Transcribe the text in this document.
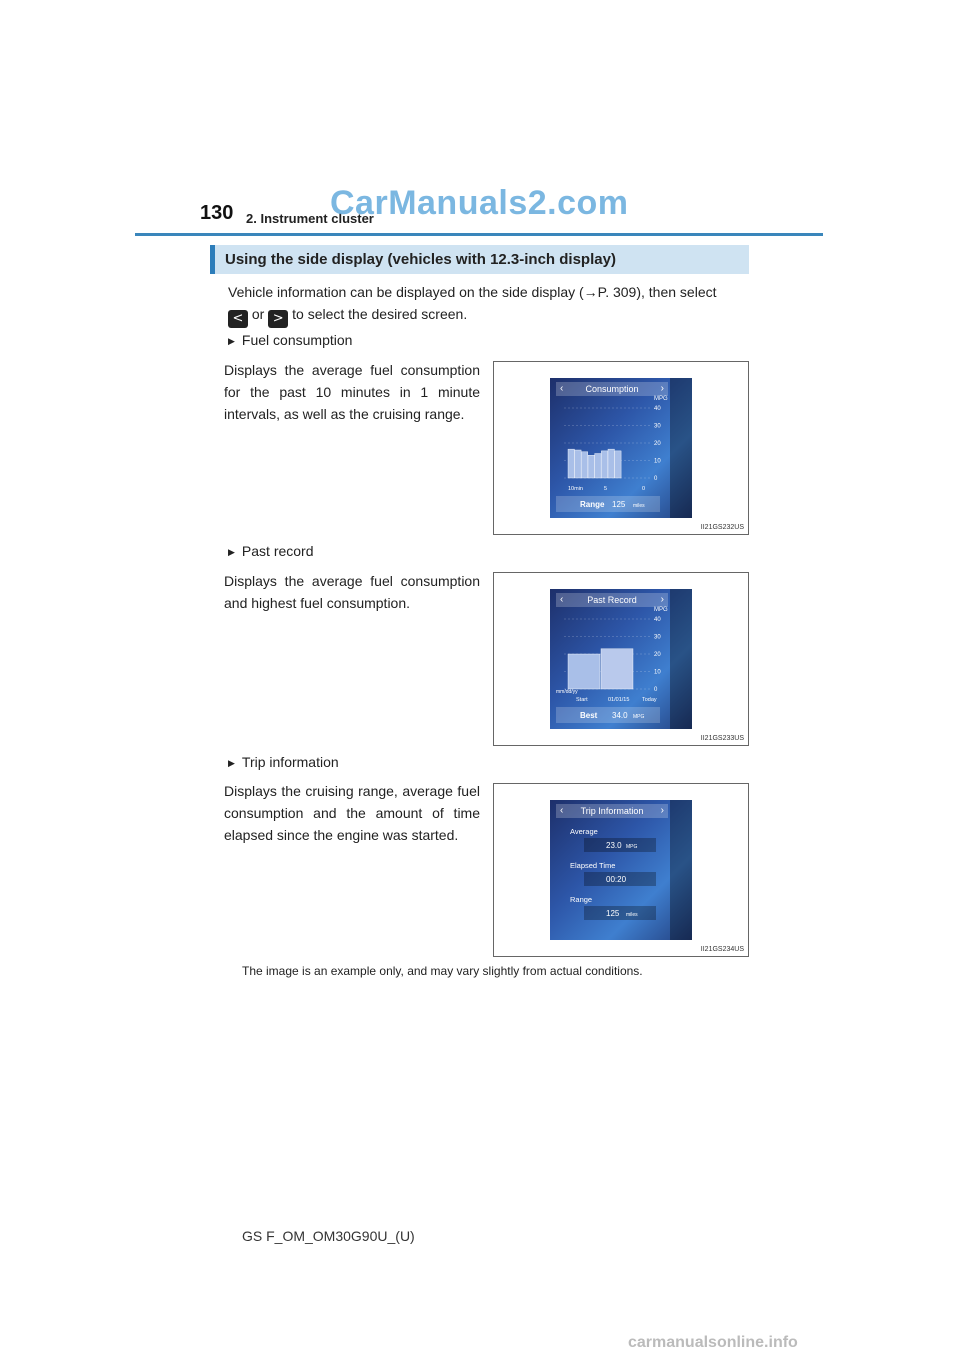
130 2. Instrument cluster
CarManuals2.com
Using the side display (vehicles with 12.3-inch display)
Vehicle information can be displayed on the side display (→P. 309), then select
< or > to select the desired screen.
▶ Fuel consumption
Displays the average fuel consumption for the past 10 minutes in 1 minute intervals, as well as the cruising range.
‹ Consumption ›
MPG
40
30
20
10
0
10min	5	0
Range 125 miles
II21GS232US
▶ Past record
Displays the average fuel consumption and highest fuel consumption.	‹	Past Record ›
MPG
40
30
20
10
0
Start	01/01/15 Today
mm/dd/yy
Best 34.0 MPG
II21GS233US
▶ Trip information
Displays the cruising range, average fuel consumption and the amount of time elapsed since the engine was started.
‹ Trip Information ›
Average
23.0 MPG
Elapsed Time
00:20
Range
125 miles
II21GS234US
The image is an example only, and may vary slightly from actual conditions.
GS F_OM_OM30G90U_(U)
carmanualsonline.info
